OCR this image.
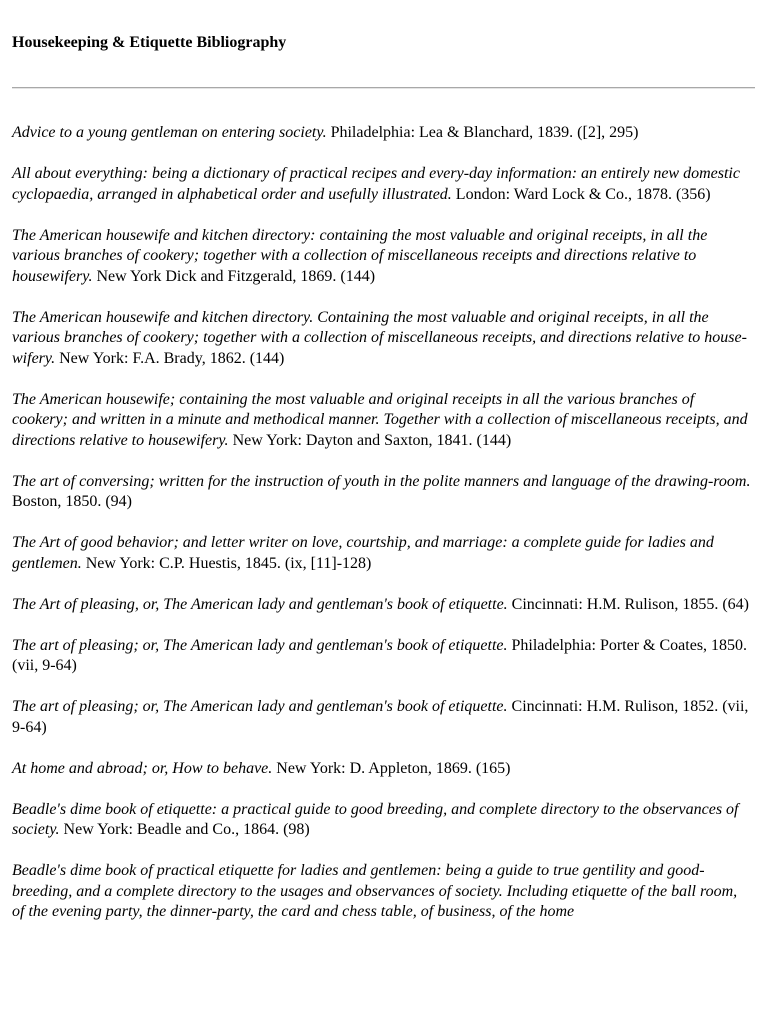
Housekeeping & Etiquette Bibliography
Advice to a young gentleman on entering society. Philadelphia: Lea & Blanchard, 1839. ([2], 295)
All about everything: being a dictionary of practical recipes and every-day information: an entirely new domestic cyclopaedia, arranged in alphabetical order and usefully illustrated. London: Ward Lock & Co., 1878. (356)
The American housewife and kitchen directory: containing the most valuable and original receipts, in all the various branches of cookery; together with a collection of miscellaneous receipts and directions relative to housewifery. New York Dick and Fitzgerald, 1869. (144)
The American housewife and kitchen directory. Containing the most valuable and original receipts, in all the various branches of cookery; together with a collection of miscellaneous receipts, and directions relative to house-wifery. New York: F.A. Brady, 1862. (144)
The American housewife; containing the most valuable and original receipts in all the various branches of cookery; and written in a minute and methodical manner. Together with a collection of miscellaneous receipts, and directions relative to housewifery. New York: Dayton and Saxton, 1841. (144)
The art of conversing; written for the instruction of youth in the polite manners and language of the drawing-room. Boston, 1850. (94)
The Art of good behavior; and letter writer on love, courtship, and marriage: a complete guide for ladies and gentlemen. New York: C.P. Huestis, 1845. (ix, [11]-128)
The Art of pleasing, or, The American lady and gentleman's book of etiquette. Cincinnati: H.M. Rulison, 1855. (64)
The art of pleasing; or, The American lady and gentleman's book of etiquette. Philadelphia: Porter & Coates, 1850. (vii, 9-64)
The art of pleasing; or, The American lady and gentleman's book of etiquette. Cincinnati: H.M. Rulison, 1852. (vii, 9-64)
At home and abroad; or, How to behave. New York: D. Appleton, 1869. (165)
Beadle's dime book of etiquette: a practical guide to good breeding, and complete directory to the observances of society. New York: Beadle and Co., 1864. (98)
Beadle's dime book of practical etiquette for ladies and gentlemen: being a guide to true gentility and good-breeding, and a complete directory to the usages and observances of society. Including etiquette of the ball room, of the evening party, the dinner-party, the card and chess table, of business, of the home
